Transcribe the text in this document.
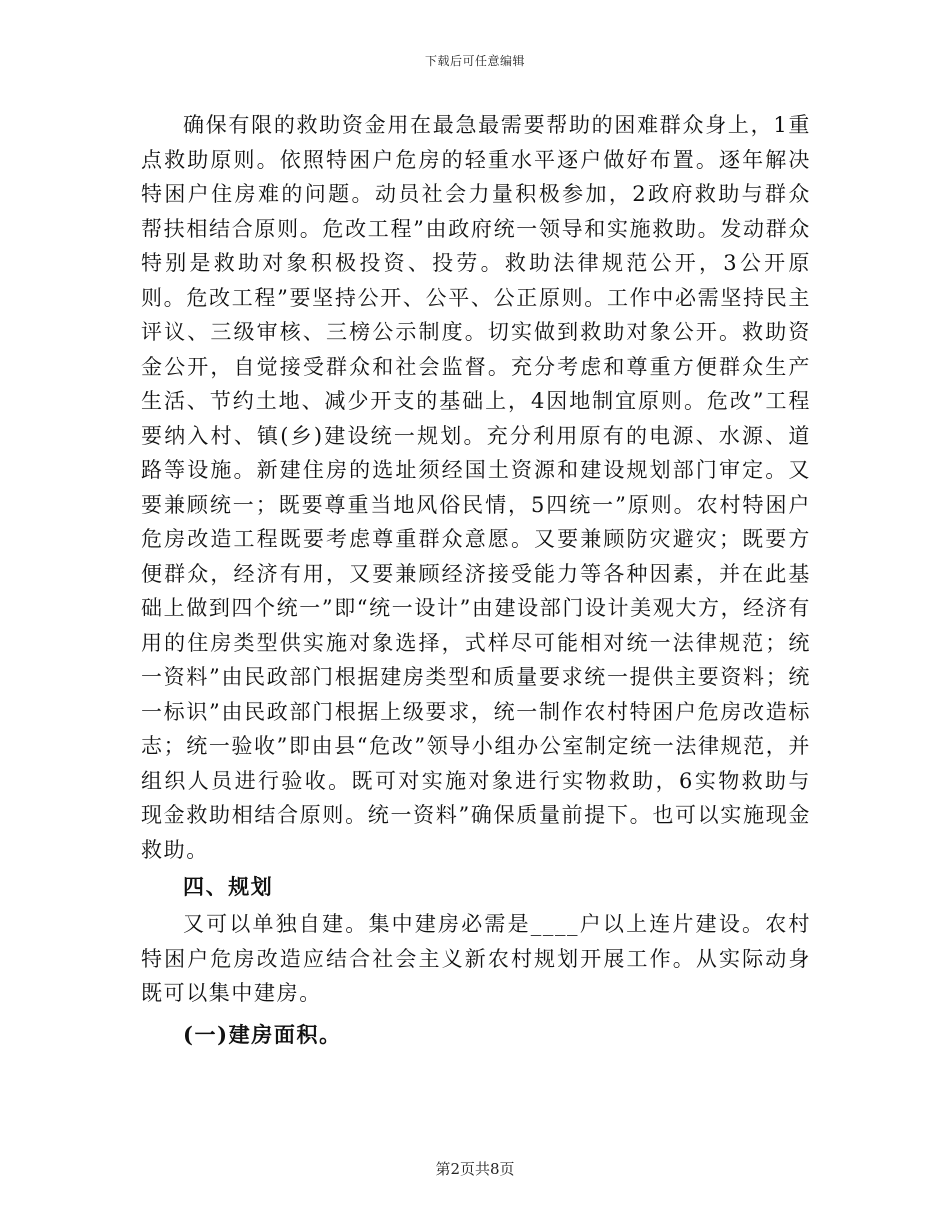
下载后可任意编辑

确保有限的救助资金用在最急最需要帮助的困难群众身上，1重点救助原则。依照特困户危房的轻重水平逐户做好布置。逐年解决特困户住房难的问题。动员社会力量积极参加，2政府救助与群众帮扶相结合原则。危改工程”由政府统一领导和实施救助。发动群众特别是救助对象积极投资、投劳。救助法律规范公开，3公开原则。危改工程”要坚持公开、公平、公正原则。工作中必需坚持民主评议、三级审核、三榜公示制度。切实做到救助对象公开。救助资金公开，自觉接受群众和社会监督。充分考虑和尊重方便群众生产生活、节约土地、减少开支的基础上，4因地制宜原则。危改”工程要纳入村、镇(乡)建设统一规划。充分利用原有的电源、水源、道路等设施。新建住房的选址须经国土资源和建设规划部门审定。又要兼顾统一；既要尊重当地风俗民情，5四统一”原则。农村特困户危房改造工程既要考虑尊重群众意愿。又要兼顾防灾避灾；既要方便群众，经济有用，又要兼顾经济接受能力等各种因素，并在此基础上做到四个统一”即“统一设计”由建设部门设计美观大方，经济有用的住房类型供实施对象选择，式样尽可能相对统一法律规范；统一资料”由民政部门根据建房类型和质量要求统一提供主要资料；统一标识”由民政部门根据上级要求，统一制作农村特困户危房改造标志；统一验收”即由县“危改”领导小组办公室制定统一法律规范，并组织人员进行验收。既可对实施对象进行实物救助，6实物救助与现金救助相结合原则。统一资料”确保质量前提下。也可以实施现金救助。

四、规划

又可以单独自建。集中建房必需是____户以上连片建设。农村特困户危房改造应结合社会主义新农村规划开展工作。从实际动身既可以集中建房。

(一)建房面积。

第2页共8页
